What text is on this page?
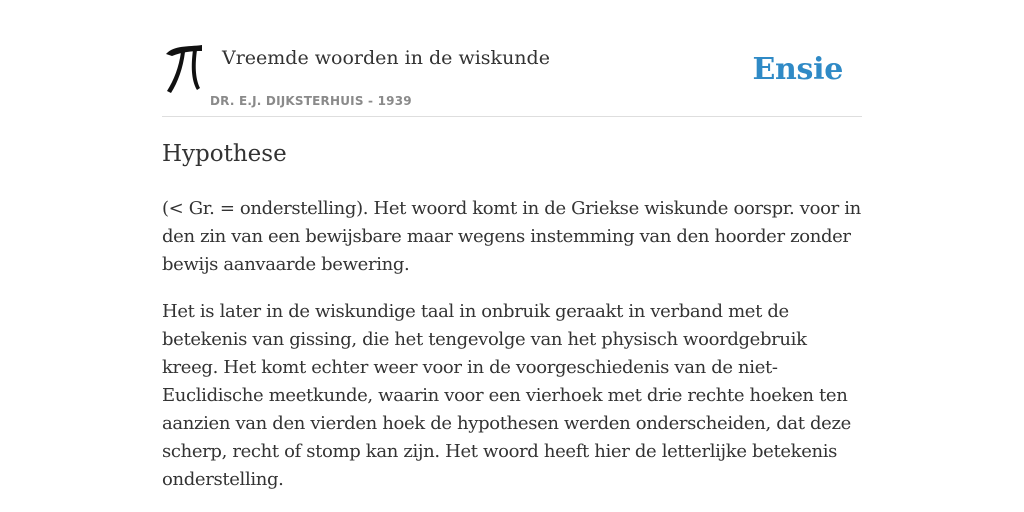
Vreemde woorden in de wiskunde
DR. E.J. DIJKSTERHUIS - 1939
Ensie
Hypothese

(< Gr. = onderstelling). Het woord komt in de Griekse wiskunde oorspr. voor in den zin van een bewijsbare maar wegens instemming van den hoorder zonder bewijs aanvaarde bewering.

Het is later in de wiskundige taal in onbruik geraakt in verband met de betekenis van gissing, die het tengevolge van het physisch woordgebruik kreeg. Het komt echter weer voor in de voorgeschiedenis van de niet-Euclidische meetkunde, waarin voor een vierhoek met drie rechte hoeken ten aanzien van den vierden hoek de hypothesen werden onderscheiden, dat deze scherp, recht of stomp kan zijn. Het woord heeft hier de letterlijke betekenis onderstelling.
